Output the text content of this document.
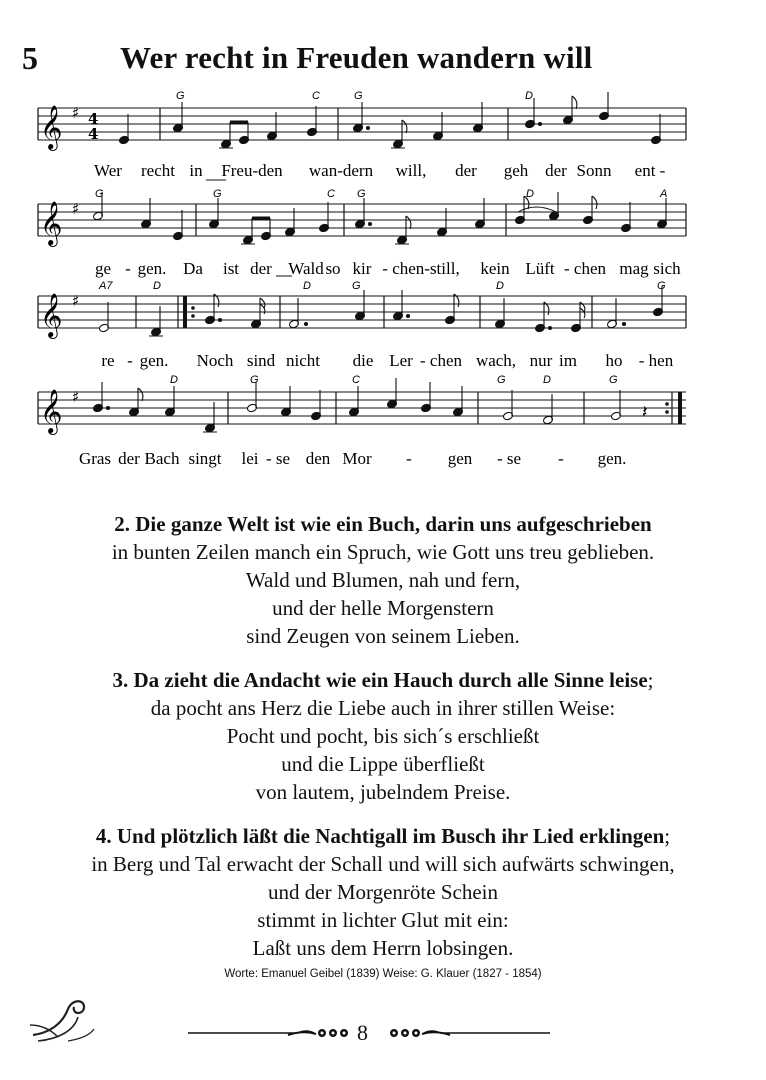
5	Wer recht in Freuden wandern will
G	C	G	D
𝄞 ♯ 4
4
Wer recht in Freu-den wan-dern will, der geh der Sonn ent -
G	G	C G	D	A
𝄞 ♯
ge - gen. Da ist der Wald so kir - chen-still, kein Lüft - chen mag sich
A7	D	D	G	D	G
𝄞 ♯
re - gen. Noch sind nicht die Ler - chen wach, nur im ho - hen
D	G	C	G	D	G
𝄞 ♯
𝄽
Gras der Bach singt lei - se den Mor - gen - se - gen.
2. Die ganze Welt ist wie ein Buch, darin uns aufgeschrieben
in bunten Zeilen manch ein Spruch, wie Gott uns treu geblieben.
Wald und Blumen, nah und fern,
und der helle Morgenstern
sind Zeugen von seinem Lieben.
3. Da zieht die Andacht wie ein Hauch durch alle Sinne leise;
da pocht ans Herz die Liebe auch in ihrer stillen Weise:
Pocht und pocht, bis sich´s erschließt
und die Lippe überfließt
von lautem, jubelndem Preise.
4. Und plötzlich läßt die Nachtigall im Busch ihr Lied erklingen;
in Berg und Tal erwacht der Schall und will sich aufwärts schwingen,
und der Morgenröte Schein
stimmt in lichter Glut mit ein:
Laßt uns dem Herrn lobsingen.
Worte: Emanuel Geibel (1839) Weise: G. Klauer (1827 - 1854)
8
